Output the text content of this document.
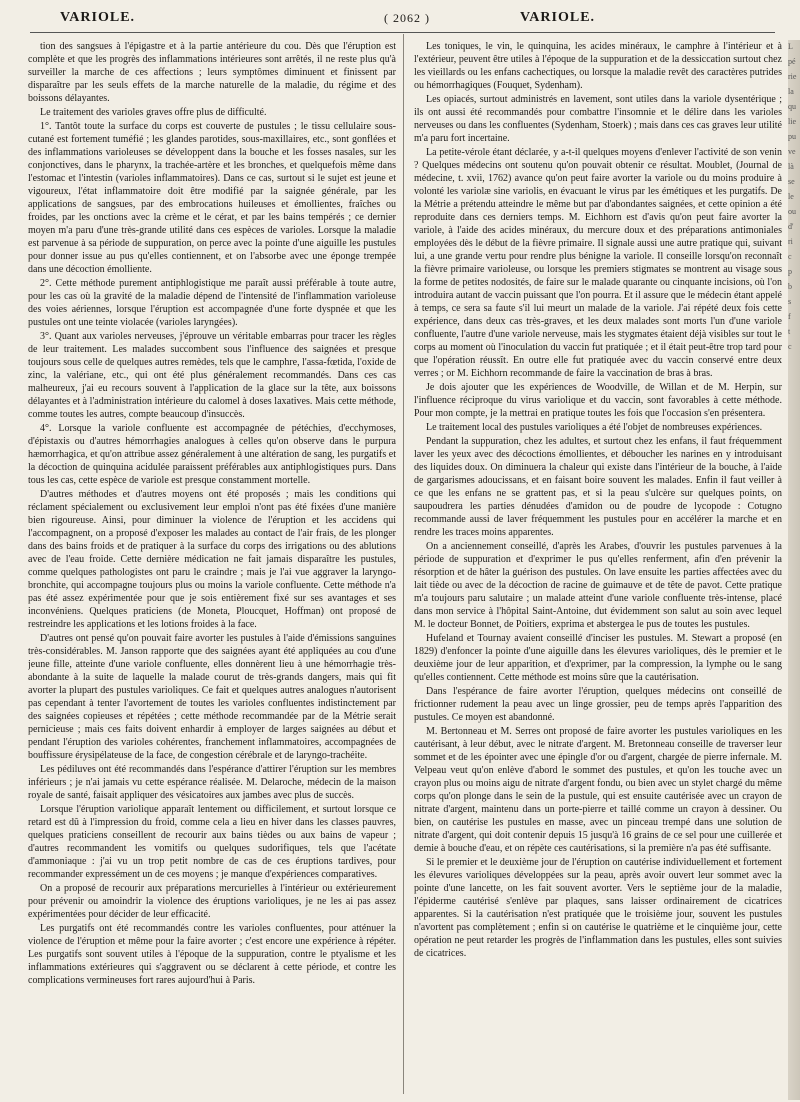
VARIOLE.	( 2062 )	VARIOLE.

tion des sangsues à l'épigastre et à la partie antérieure du cou. Dès que l'éruption est complète et que les progrès des inflammations intérieures sont arrêtés, il ne reste plus qu'à surveiller la marche de ces affections ; leurs symptômes diminuent et finissent par disparaître par les seuls effets de la marche naturelle de la maladie, du régime et des boissons délayantes.

Le traitement des varioles graves offre plus de difficulté.

1°. Tantôt toute la surface du corps est couverte de pustules ; le tissu cellulaire sous-cutané est fortement tuméfié ; les glandes parotides, sous-maxillaires, etc., sont gonflées et des inflammations varioleuses se développent dans la bouche et les fosses nasales, sur les conjonctives, dans le pharynx, la trachée-artère et les bronches, et quelquefois même dans l'estomac et l'intestin (varioles inflammatoires). Dans ce cas, surtout si le sujet est jeune et vigoureux, l'état inflammatoire doit être modifié par la saignée générale, par les applications de sangsues, par des embrocations huileuses et émollientes, fraîches ou froides, par les onctions avec la crème et le cérat, et par les bains tempérés ; ce dernier moyen m'a paru d'une très-grande utilité dans ces espèces de varioles. Lorsque la maladie est parvenue à sa période de suppuration, on perce avec la pointe d'une aiguille les pustules pour donner issue au pus qu'elles contiennent, et on l'absorbe avec une éponge trempée dans une décoction émolliente.

2°. Cette méthode purement antiphlogistique me paraît aussi préférable à toute autre, pour les cas où la gravité de la maladie dépend de l'intensité de l'inflammation varioleuse des voies aériennes, lorsque l'éruption est accompagnée d'une forte dyspnée et que les pustules ont une teinte violacée (varioles laryngées).

3°. Quant aux varioles nerveuses, j'éprouve un véritable embarras pour tracer les règles de leur traitement. Les malades succombent sous l'influence des saignées et presque toujours sous celle de quelques autres remèdes, tels que le camphre, l'assa-fœtida, l'oxide de zinc, la valériane, etc., qui ont été plus généralement recommandés. Dans ces cas malheureux, j'ai eu recours souvent à l'application de la glace sur la tête, aux boissons délayantes et à l'administration intérieure du calomel à doses laxatives. Mais cette méthode, comme toutes les autres, compte beaucoup d'insuccès.

4°. Lorsque la variole confluente est accompagnée de pétéchies, d'ecchymoses, d'épistaxis ou d'autres hémorrhagies analogues à celles qu'on observe dans le purpura hæmorrhagica, et qu'on attribue assez généralement à une altération de sang, les purgatifs et la décoction de quinquina acidulée paraissent préférables aux antiphlogistiques purs. Dans tous les cas, cette espèce de variole est presque constamment mortelle.

D'autres méthodes et d'autres moyens ont été proposés ; mais les conditions qui réclament spécialement ou exclusivement leur emploi n'ont pas été fixées d'une manière bien rigoureuse. Ainsi, pour diminuer la violence de l'éruption et les accidens qui l'accompagnent, on a proposé d'exposer les malades au contact de l'air frais, de les plonger dans des bains froids et de pratiquer à la surface du corps des irrigations ou des ablutions avec de l'eau froide. Cette dernière médication ne fait jamais disparaître les pustules, comme quelques pathologistes ont paru le craindre ; mais je l'ai vue aggraver la laryngo-bronchite, qui accompagne toujours plus ou moins la variole confluente. Cette méthode n'a pas été assez expérimentée pour que je sois entièrement fixé sur ses avantages et ses inconvéniens. Quelques praticiens (de Moneta, Ploucquet, Hoffman) ont proposé de restreindre les applications et les lotions froides à la face.

D'autres ont pensé qu'on pouvait faire avorter les pustules à l'aide d'émissions sanguines très-considérables. M. Janson rapporte que des saignées ayant été appliquées au cou d'une jeune fille, atteinte d'une variole confluente, elles donnèrent lieu à une hémorrhagie très-abondante à la suite de laquelle la malade courut de très-grands dangers, mais qui fit avorter la plupart des pustules varioliques. Ce fait et quelques autres analogues n'autorisent pas cependant à tenter l'avortement de toutes les varioles confluentes indistinctement par des saignées copieuses et répétées ; cette méthode recommandée par de la Métrie serait pernicieuse ; mais ces faits doivent enhardir à employer de larges saignées au début et pendant l'éruption des varioles cohérentes, franchement inflammatoires, accompagnées de bouffissure érysipélateuse de la face, de congestion cérébrale et de laryngo-trachéite.

Les pédiluves ont été recommandés dans l'espérance d'attirer l'éruption sur les membres inférieurs ; je n'ai jamais vu cette espérance réalisée. M. Delaroche, médecin de la maison royale de santé, faisait appliquer des vésicatoires aux jambes avec plus de succès.

Lorsque l'éruption variolique apparaît lentement ou difficilement, et surtout lorsque ce retard est dû à l'impression du froid, comme cela a lieu en hiver dans les classes pauvres, quelques praticiens conseillent de recourir aux bains tièdes ou aux bains de vapeur ; d'autres recommandent les vomitifs ou quelques sudorifiques, tels que l'acétate d'ammoniaque : j'ai vu un trop petit nombre de cas de ces éruptions tardives, pour recommander expressément un de ces moyens ; je manque d'expériences comparatives.

On a proposé de recourir aux préparations mercurielles à l'intérieur ou extérieurement pour prévenir ou amoindrir la violence des éruptions varioliques, je ne les ai pas assez expérimentées pour décider de leur efficacité.

Les purgatifs ont été recommandés contre les varioles confluentes, pour atténuer la violence de l'éruption et même pour la faire avorter ; c'est encore une expérience à répéter. Les purgatifs sont souvent utiles à l'époque de la suppuration, contre le ptyalisme et les inflammations extérieures qui s'aggravent ou se déclarent à cette période, et contre les complications vermineuses fort rares aujourd'hui à Paris.

Les toniques, le vin, le quinquina, les acides minéraux, le camphre à l'intérieur et à l'extérieur, peuvent être utiles à l'époque de la suppuration et de la dessiccation surtout chez les vieillards ou les enfans cachectiques, ou lorsque la maladie revêt des caractères putrides ou hémorrhagiques (Fouquet, Sydenham).

Les opiacés, surtout administrés en lavement, sont utiles dans la variole dysentérique ; ils ont aussi été recommandés pour combattre l'insomnie et le délire dans les varioles nerveuses ou dans les confluentes (Sydenham, Stoerk) ; mais dans ces cas graves leur utilité m'a paru fort incertaine.

La petite-vérole étant déclarée, y a-t-il quelques moyens d'enlever l'activité de son venin ? Quelques médecins ont soutenu qu'on pouvait obtenir ce résultat. Moublet, (Journal de médecine, t. xvii, 1762) avance qu'on peut faire avorter la variole ou du moins produire à volonté les variolæ sine variolis, en évacuant le virus par les émétiques et les purgatifs. De la Métrie a prétendu atteindre le même but par d'abondantes saignées, et cette opinion a été reproduite dans ces derniers temps. M. Eichhorn est d'avis qu'on peut faire avorter la variole, à l'aide des acides minéraux, du mercure doux et des préparations antimoniales employées dès le début de la fièvre primaire. Il signale aussi une autre pratique qui, suivant lui, a une grande vertu pour rendre plus bénigne la variole. Il conseille lorsqu'on reconnaît la fièvre primaire varioleuse, ou lorsque les premiers stigmates se montrent au visage sous la forme de petites nodosités, de faire sur le malade quarante ou cinquante incisions, où l'on introduira autant de vaccin puissant que l'on pourra. Et il assure que le médecin étant appelé à temps, ce sera sa faute s'il lui meurt un malade de la variole. J'ai répété deux fois cette expérience, dans deux cas très-graves, et les deux malades sont morts l'un d'une variole confluente, l'autre d'une variole nerveuse, mais les stygmates étaient déjà visibles sur tout le corps au moment où l'inoculation du vaccin fut pratiquée ; et il était peut-être trop tard pour que l'opération réussît. En outre elle fut pratiquée avec du vaccin conservé entre deux verres ; or M. Eichhorn recommande de faire la vaccination de bras à bras.

Je dois ajouter que les expériences de Woodville, de Willan et de M. Herpin, sur l'influence réciproque du virus variolique et du vaccin, sont favorables à cette méthode. Pour mon compte, je la mettrai en pratique toutes les fois que l'occasion s'en présentera.

Le traitement local des pustules varioliques a été l'objet de nombreuses expériences.

Pendant la suppuration, chez les adultes, et surtout chez les enfans, il faut fréquemment laver les yeux avec des décoctions émollientes, et déboucher les narines en y introduisant des liquides doux. On diminuera la chaleur qui existe dans l'intérieur de la bouche, à l'aide de gargarismes adoucissans, et en faisant boire souvent les malades. Enfin il faut veiller à ce que les enfans ne se grattent pas, et si la peau s'ulcère sur quelques points, on saupoudrera les parties dénudées d'amidon ou de poudre de lycopode : Cotugno recommande aussi de laver fréquemment les pustules pour en accélérer la marche et en rendre les traces moins apparentes.

On a anciennement conseillé, d'après les Arabes, d'ouvrir les pustules parvenues à la période de suppuration et d'exprimer le pus qu'elles renferment, afin d'en prévenir la résorption et de hâter la guérison des pustules. On lave ensuite les parties affectées avec du lait tiède ou avec de la décoction de racine de guimauve et de tête de pavot. Cette pratique m'a toujours paru salutaire ; un malade atteint d'une variole confluente très-intense, placé dans mon service à l'hôpital Saint-Antoine, dut évidemment son salut au soin avec lequel M. le docteur Bonnet, de Poitiers, exprima et abstergea le pus de toutes les pustules.

Hufeland et Tournay avaient conseillé d'inciser les pustules. M. Stewart a proposé (en 1829) d'enfoncer la pointe d'une aiguille dans les élevures varioliques, dès le premier et le deuxième jour de leur apparition, et d'exprimer, par la compression, la lymphe ou le sang qu'elles contiennent. Cette méthode est moins sûre que la cautérisation.

Dans l'espérance de faire avorter l'éruption, quelques médecins ont conseillé de frictionner rudement la peau avec un linge grossier, peu de temps après l'apparition des pustules. Ce moyen est abandonné.

M. Bertonneau et M. Serres ont proposé de faire avorter les pustules varioliques en les cautérisant, à leur début, avec le nitrate d'argent. M. Bretonneau conseille de traverser leur sommet et de les épointer avec une épingle d'or ou d'argent, chargée de pierre infernale. M. Velpeau veut qu'on enlève d'abord le sommet des pustules, et qu'on les touche avec un crayon plus ou moins aigu de nitrate d'argent fondu, ou bien avec un stylet chargé du même corps qu'on plonge dans le sein de la pustule, qui est ensuite cautérisée avec un crayon de nitrate d'argent, maintenu dans un porte-pierre et taillé comme un crayon à dessiner. Ou bien, on cautérise les pustules en masse, avec un pinceau trempé dans une solution de nitrate d'argent, qui doit contenir depuis 15 jusqu'à 16 grains de ce sel pour une cuillerée et demie à bouche d'eau, et on répète ces cautérisations, si la première n'a pas été suffisante.

Si le premier et le deuxième jour de l'éruption on cautérise individuellement et fortement les élevures varioliques développées sur la peau, après avoir ouvert leur sommet avec la pointe d'une lancette, on les fait souvent avorter. Vers le septième jour de la maladie, l'épiderme cautérisé s'enlève par plaques, sans laisser ordinairement de cicatrices apparentes. Si la cautérisation n'est pratiquée que le troisième jour, souvent les pustules n'avortent pas complètement ; enfin si on cautérise le quatrième et le cinquième jour, cette opération ne peut retarder les progrès de l'inflammation dans les pustules, elles sont suivies de cicatrices.

L
pé
rie
la
qu
lie
pu
ve
là
se
le
ou
d'
ri
c
p
b
s
f
t
c
